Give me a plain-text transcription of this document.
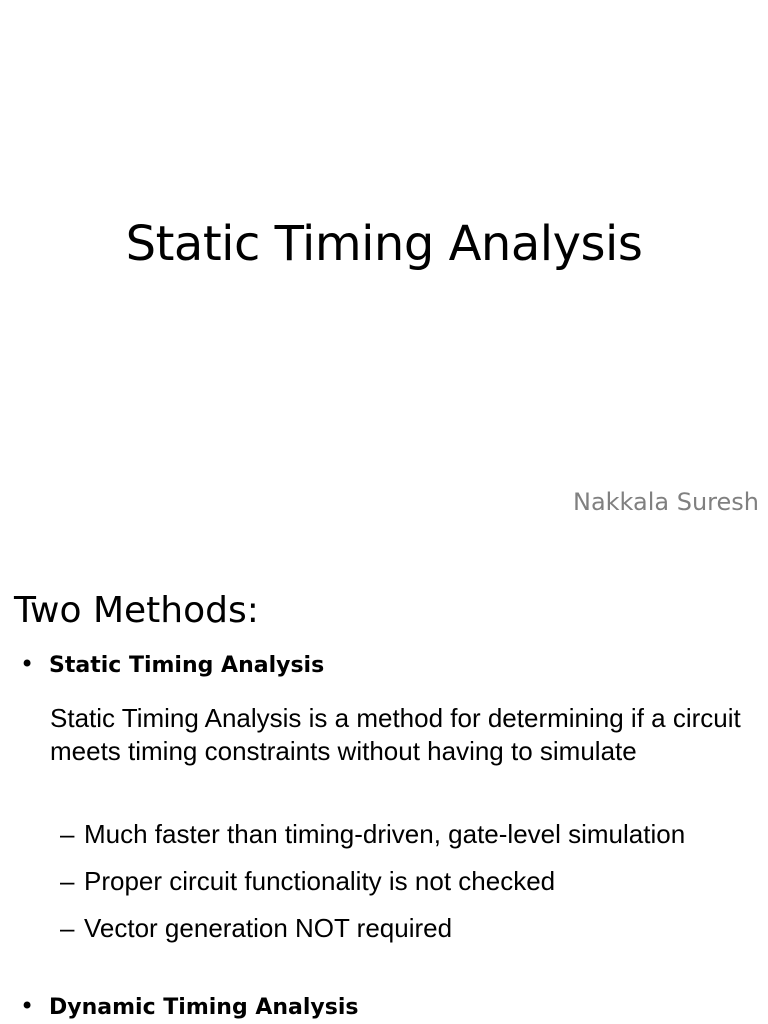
Static Timing Analysis
Nakkala Suresh
Two Methods:
• Static Timing Analysis

Static Timing Analysis is a method for determining if a circuit meets timing constraints without having to simulate

– Much faster than timing-driven, gate-level simulation
– Proper circuit functionality is not checked
– Vector generation NOT required
• Dynamic Timing Analysis
